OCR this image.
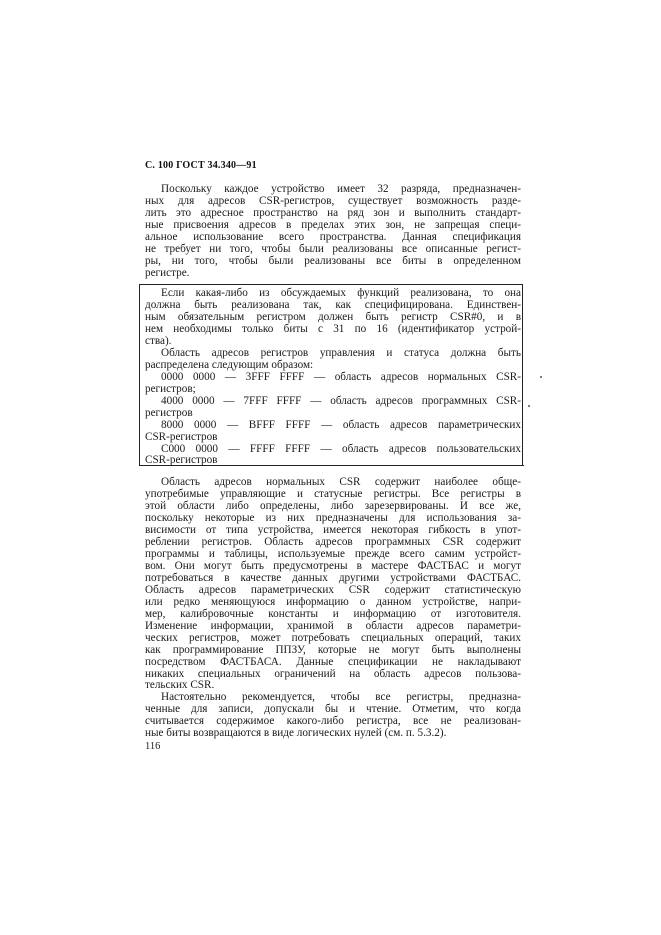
С. 100 ГОСТ 34.340—91
Поскольку каждое устройство имеет 32 разряда, предназначен-
ных для адресов CSR-регистров, существует возможность разде-
лить это адресное пространство на ряд зон и выполнить стандарт-
ные присвоения адресов в пределах этих зон, не запрещая специ-
альное использование всего пространства. Данная спецификация
не требует ни того, чтобы были реализованы все описанные регист-
ры, ни того, чтобы были реализованы все биты в определенном
регистре.
Если какая-либо из обсуждаемых функций реализована, то она
должна быть реализована так, как специфицирована. Единствен-
ным обязательным регистром должен быть регистр CSR#0, и в
нем необходимы только биты с 31 по 16 (идентификатор устрой-
ства).
Область адресов регистров управления и статуса должна быть
распределена следующим образом:
0000 0000 — 3FFF FFFF — область адресов нормальных CSR-
регистров;
4000 0000 — 7FFF FFFF — область адресов программных CSR-
регистров
8000 0000 — BFFF FFFF — область адресов параметрических
CSR-регистров
C000 0000 — FFFF FFFF — область адресов пользовательских
CSR-регистров
Область адресов нормальных CSR содержит наиболее обще-
употребимые управляющие и статусные регистры. Все регистры в
этой области либо определены, либо зарезервированы. И все же,
поскольку некоторые из них предназначены для использования за-
висимости от типа устройства, имеется некоторая гибкость в упот-
реблении регистров. Область адресов программных CSR содержит
программы и таблицы, используемые прежде всего самим устройст-
вом. Они могут быть предусмотрены в мастере ФАСТБАС и могут
потребоваться в качестве данных другими устройствами ФАСТБАС.
Область адресов параметрических CSR содержит статистическую
или редко меняющуюся информацию о данном устройстве, напри-
мер, калибровочные константы и информацию от изготовителя.
Изменение информации, хранимой в области адресов параметри-
ческих регистров, может потребовать специальных операций, таких
как программирование ППЗУ, которые не могут быть выполнены
посредством ФАСТБАСА. Данные спецификации не накладывают
никаких специальных ограничений на область адресов пользова-
тельских CSR.
Настоятельно рекомендуется, чтобы все регистры, предназна-
ченные для записи, допускали бы и чтение. Отметим, что когда
считывается содержимое какого-либо регистра, все не реализован-
ные биты возвращаются в виде логических нулей (см. п. 5.3.2).
116
